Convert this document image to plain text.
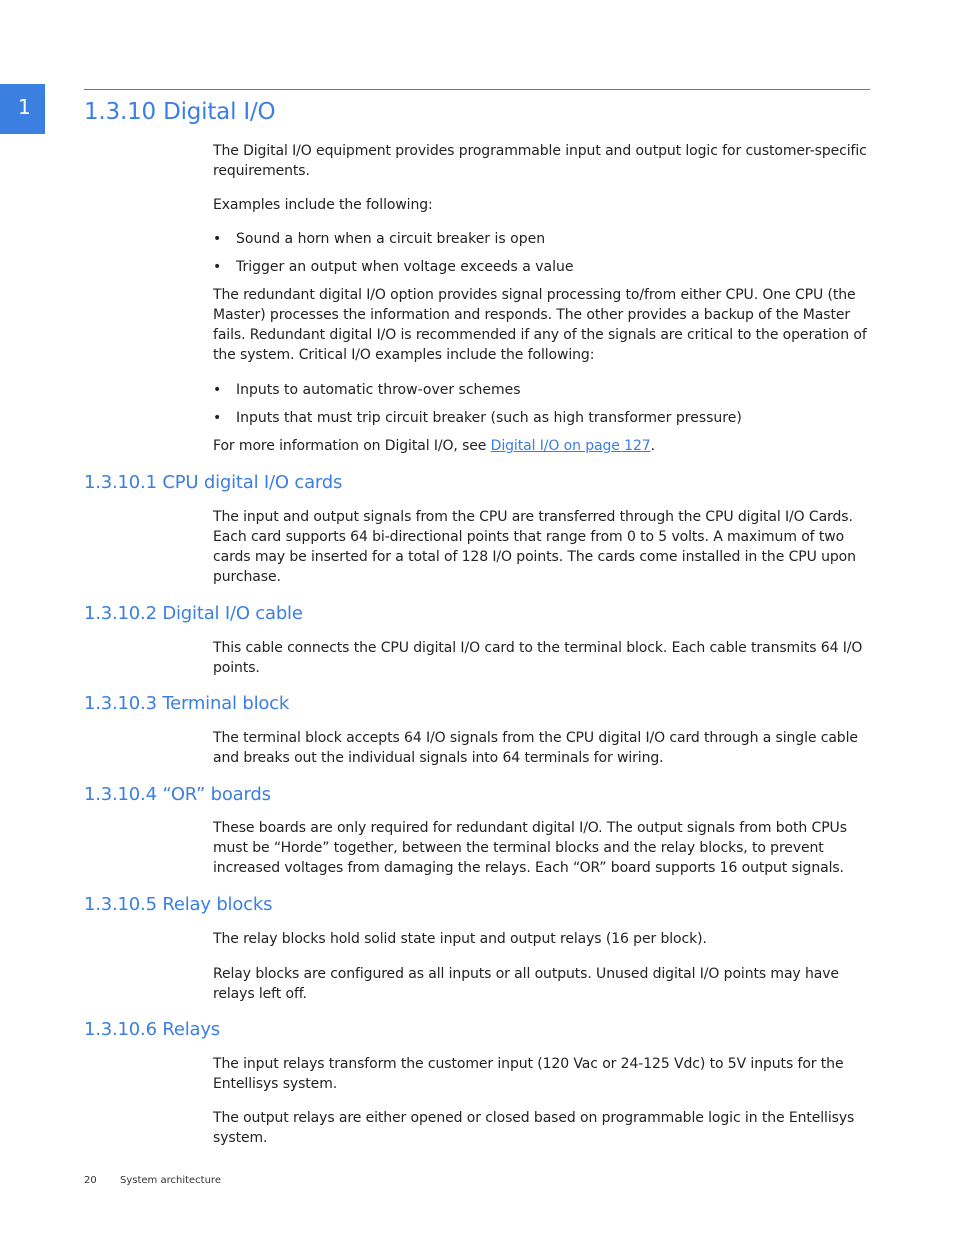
1	1.3.10 Digital I/O

The Digital I/O equipment provides programmable input and output logic for customer-specific requirements.

Examples include the following:

• Sound a horn when a circuit breaker is open
• Trigger an output when voltage exceeds a value

The redundant digital I/O option provides signal processing to/from either CPU. One CPU (the Master) processes the information and responds. The other provides a backup of the Master fails. Redundant digital I/O is recommended if any of the signals are critical to the operation of the system. Critical I/O examples include the following:

• Inputs to automatic throw-over schemes
• Inputs that must trip circuit breaker (such as high transformer pressure)

For more information on Digital I/O, see Digital I/O on page 127.

1.3.10.1 CPU digital I/O cards

The input and output signals from the CPU are transferred through the CPU digital I/O Cards. Each card supports 64 bi-directional points that range from 0 to 5 volts. A maximum of two cards may be inserted for a total of 128 I/O points. The cards come installed in the CPU upon purchase.

1.3.10.2 Digital I/O cable

This cable connects the CPU digital I/O card to the terminal block. Each cable transmits 64 I/O points.

1.3.10.3 Terminal block

The terminal block accepts 64 I/O signals from the CPU digital I/O card through a single cable and breaks out the individual signals into 64 terminals for wiring.

1.3.10.4 “OR” boards

These boards are only required for redundant digital I/O. The output signals from both CPUs must be “Horde” together, between the terminal blocks and the relay blocks, to prevent increased voltages from damaging the relays. Each “OR” board supports 16 output signals.

1.3.10.5 Relay blocks

The relay blocks hold solid state input and output relays (16 per block).

Relay blocks are configured as all inputs or all outputs. Unused digital I/O points may have relays left off.

1.3.10.6 Relays

The input relays transform the customer input (120 Vac or 24-125 Vdc) to 5V inputs for the Entellisys system.

The output relays are either opened or closed based on programmable logic in the Entellisys system.

20 System architecture
